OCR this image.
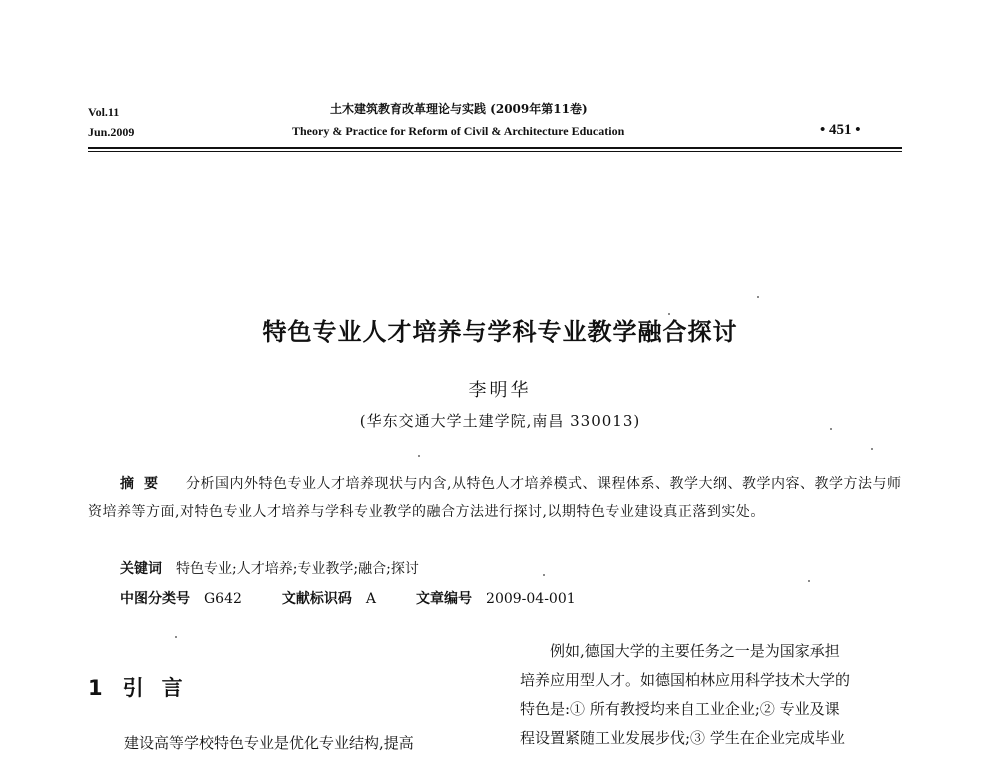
Vol.11
Jun.2009
土木建筑教育改革理论与实践 (2009年第11卷)
Theory & Practice for Reform of Civil & Architecture Education	• 451 •
特色专业人才培养与学科专业教学融合探讨
李明华
(华东交通大学土建学院,南昌 330013)
摘要 分析国内外特色专业人才培养现状与内含,从特色人才培养模式、课程体系、教学大纲、教学内容、教学方法与师资培养等方面,对特色专业人才培养与学科专业教学的融合方法进行探讨,以期特色专业建设真正落到实处。
关键词 特色专业;人才培养;专业教学;融合;探讨
中图分类号 G642	文献标识码 A	文章编号 2009-04-001
1 引言
建设高等学校特色专业是优化专业结构,提高
例如,德国大学的主要任务之一是为国家承担
培养应用型人才。如德国柏林应用科学技术大学的
特色是:① 所有教授均来自工业企业;② 专业及课
程设置紧随工业发展步伐;③ 学生在企业完成毕业
